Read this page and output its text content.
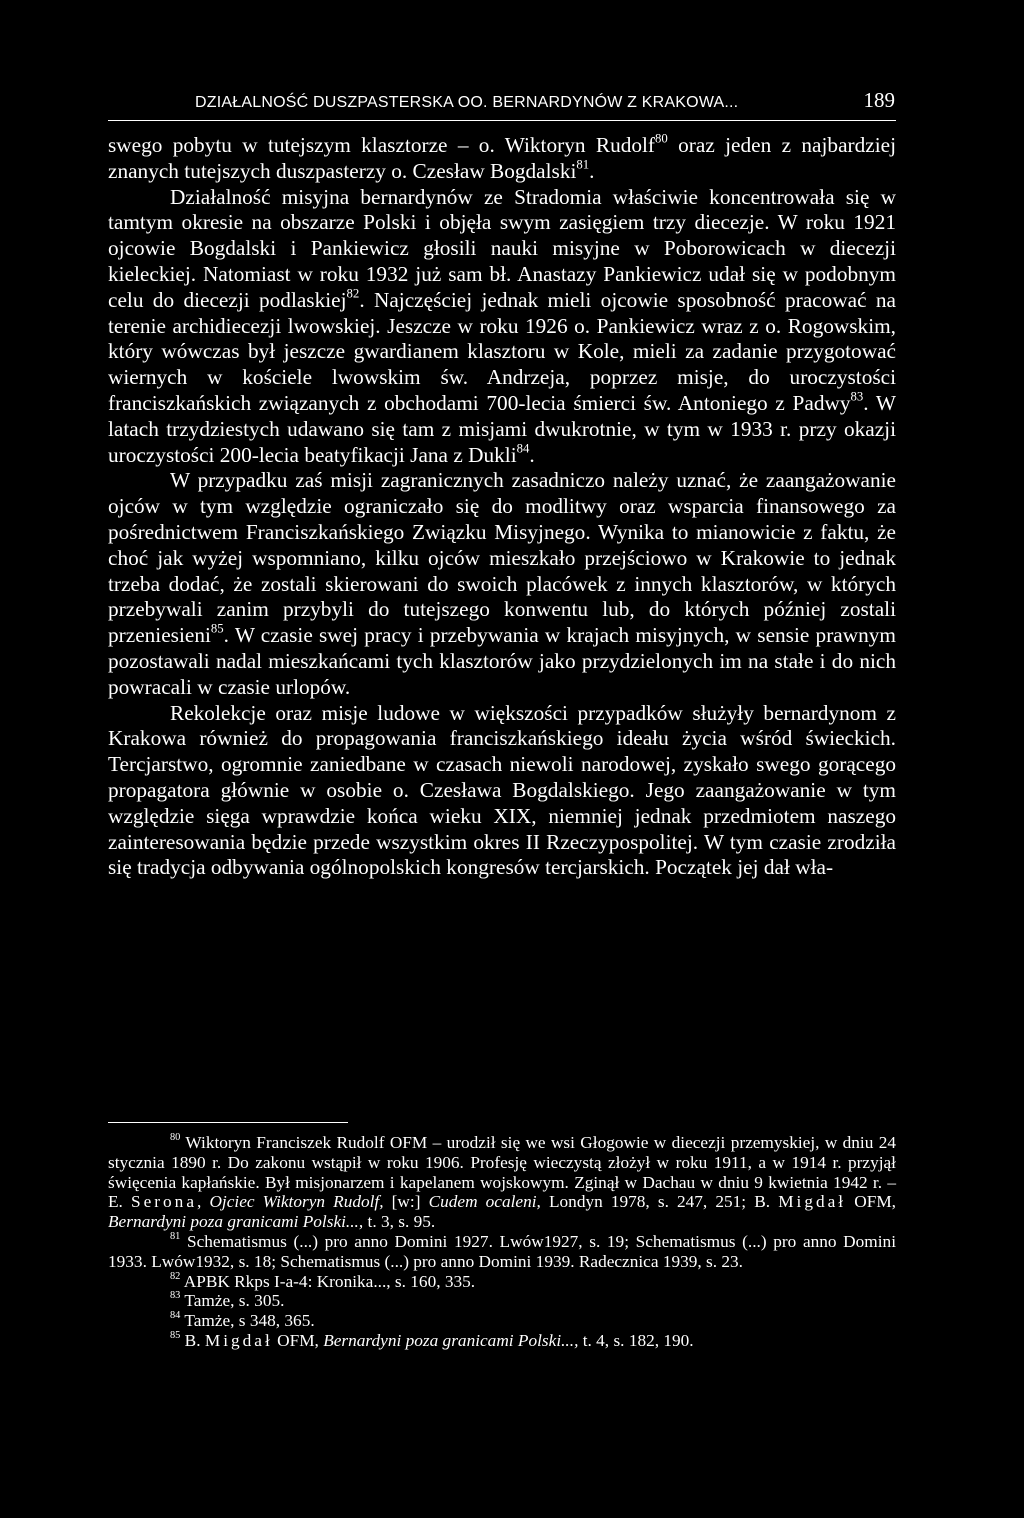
DZIAŁALNOŚĆ DUSZPASTERSKA OO. BERNARDYNÓW Z KRAKOWA...	189

swego pobytu w tutejszym klasztorze – o. Wiktoryn Rudolf$^{80}$ oraz jeden z najbardziej znanych tutejszych duszpasterzy o. Czesław Bogdalski$^{81}$.

Działalność misyjna bernardynów ze Stradomia właściwie koncentrowała się w tamtym okresie na obszarze Polski i objęła swym zasięgiem trzy diecezje. W roku 1921 ojcowie Bogdalski i Pankiewicz głosili nauki misyjne w Poborowicach w diecezji kieleckiej. Natomiast w roku 1932 już sam bł. Anastazy Pankiewicz udał się w podobnym celu do diecezji podlaskiej$^{82}$. Najczęściej jednak mieli ojcowie sposobność pracować na terenie archidiecezji lwowskiej. Jeszcze w roku 1926 o. Pankiewicz wraz z o. Rogowskim, który wówczas był jeszcze gwardianem klasztoru w Kole, mieli za zadanie przygotować wiernych w kościele lwowskim św. Andrzeja, poprzez misje, do uroczystości franciszkańskich związanych z obchodami 700-lecia śmierci św. Antoniego z Padwy$^{83}$. W latach trzydziestych udawano się tam z misjami dwukrotnie, w tym w 1933 r. przy okazji uroczystości 200-lecia beatyfikacji Jana z Dukli$^{84}$.

W przypadku zaś misji zagranicznych zasadniczo należy uznać, że zaangażowanie ojców w tym względzie ograniczało się do modlitwy oraz wsparcia finansowego za pośrednictwem Franciszkańskiego Związku Misyjnego. Wynika to mianowicie z faktu, że choć jak wyżej wspomniano, kilku ojców mieszkało przejściowo w Krakowie to jednak trzeba dodać, że zostali skierowani do swoich placówek z innych klasztorów, w których przebywali zanim przybyli do tutejszego konwentu lub, do których później zostali przeniesieni$^{85}$. W czasie swej pracy i przebywania w krajach misyjnych, w sensie prawnym pozostawali nadal mieszkańcami tych klasztorów jako przydzielonych im na stałe i do nich powracali w czasie urlopów.

Rekolekcje oraz misje ludowe w większości przypadków służyły bernardynom z Krakowa również do propagowania franciszkańskiego ideału życia wśród świeckich. Tercjarstwo, ogromnie zaniedbane w czasach niewoli narodowej, zyskało swego gorącego propagatora głównie w osobie o. Czesława Bogdalskiego. Jego zaangażowanie w tym względzie sięga wprawdzie końca wieku XIX, niemniej jednak przedmiotem naszego zainteresowania będzie przede wszystkim okres II Rzeczypospolitej. W tym czasie zrodziła się tradycja odbywania ogólnopolskich kongresów tercjarskich. Początek jej dał wła-

$^{80}$ Wiktoryn Franciszek Rudolf OFM – urodził się we wsi Głogowie w diecezji przemyskiej, w dniu 24 stycznia 1890 r. Do zakonu wstąpił w roku 1906. Profesję wieczystą złożył w roku 1911, a w 1914 r. przyjął święcenia kapłańskie. Był misjonarzem i kapelanem wojskowym. Zginął w Dachau w dniu 9 kwietnia 1942 r. – E. Serona, Ojciec Wiktoryn Rudolf, [w:] Cudem ocaleni, Londyn 1978, s. 247, 251; B. Migdał OFM, Bernardyni poza granicami Polski..., t. 3, s. 95.

$^{81}$ Schematismus (...) pro anno Domini 1927. Lwów1927, s. 19; Schematismus (...) pro anno Domini 1933. Lwów1932, s. 18; Schematismus (...) pro anno Domini 1939. Radecznica 1939, s. 23.

$^{82}$ APBK Rkps I-a-4: Kronika..., s. 160, 335.

$^{83}$ Tamże, s. 305.

$^{84}$ Tamże, s 348, 365.

$^{85}$ B. Migdał OFM, Bernardyni poza granicami Polski..., t. 4, s. 182, 190.
